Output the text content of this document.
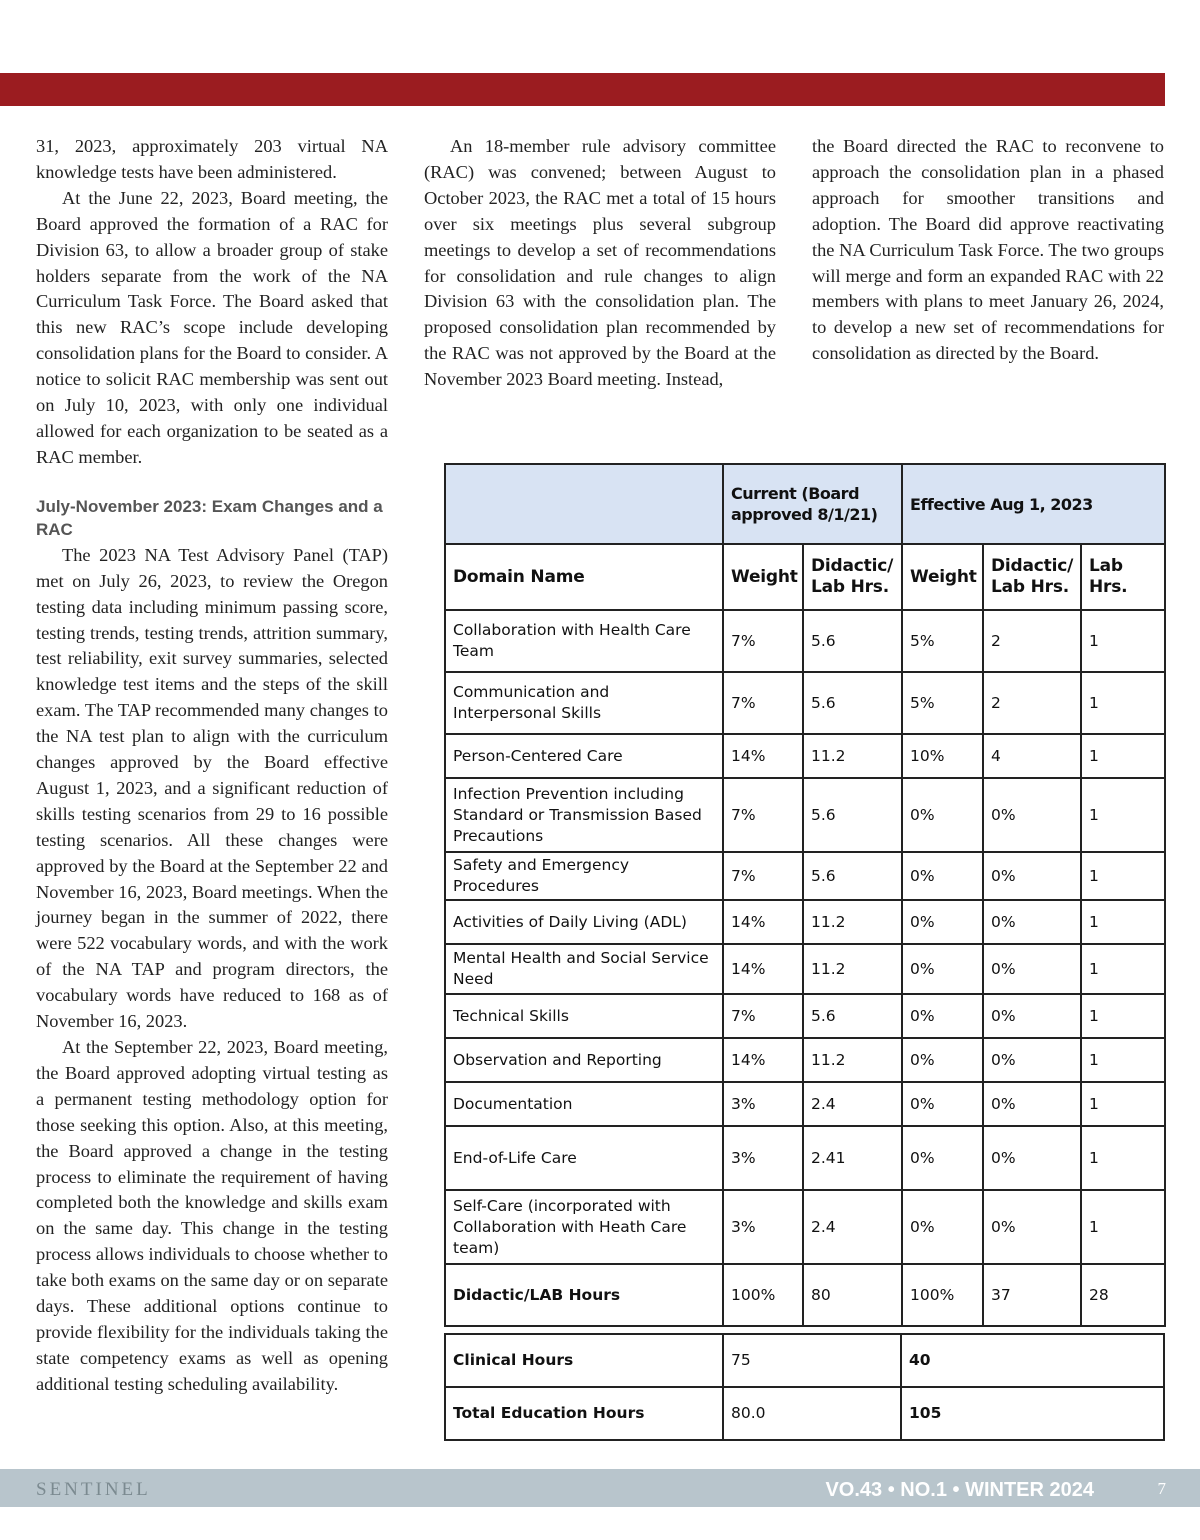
31, 2023, approximately 203 virtual NA knowledge tests have been administered.

At the June 22, 2023, Board meeting, the Board approved the formation of a RAC for Division 63, to allow a broader group of stake holders separate from the work of the NA Curriculum Task Force. The Board asked that this new RAC’s scope include developing consolidation plans for the Board to consider. A notice to solicit RAC membership was sent out on July 10, 2023, with only one individual allowed for each organization to be seated as a RAC member.

July-November 2023: Exam Changes and a RAC

The 2023 NA Test Advisory Panel (TAP) met on July 26, 2023, to review the Oregon testing data including minimum passing score, testing trends, testing trends, attrition summary, test reliability, exit survey summaries, selected knowledge test items and the steps of the skill exam. The TAP recommended many changes to the NA test plan to align with the curriculum changes approved by the Board effective August 1, 2023, and a significant reduction of skills testing scenarios from 29 to 16 possible testing scenarios. All these changes were approved by the Board at the September 22 and November 16, 2023, Board meetings. When the journey began in the summer of 2022, there were 522 vocabulary words, and with the work of the NA TAP and program directors, the vocabulary words have reduced to 168 as of November 16, 2023.

At the September 22, 2023, Board meeting, the Board approved adopting virtual testing as a permanent testing methodology option for those seeking this option. Also, at this meeting, the Board approved a change in the testing process to eliminate the requirement of having completed both the knowledge and skills exam on the same day. This change in the testing process allows individuals to choose whether to take both exams on the same day or on separate days. These additional options continue to provide flexibility for the individuals taking the state competency exams as well as opening additional testing scheduling availability.

An 18-member rule advisory committee (RAC) was convened; between August to October 2023, the RAC met a total of 15 hours over six meetings plus several subgroup meetings to develop a set of recommendations for consolidation and rule changes to align Division 63 with the consolidation plan. The proposed consolidation plan recommended by the RAC was not approved by the Board at the November 2023 Board meeting. Instead,

the Board directed the RAC to reconvene to approach the consolidation plan in a phased approach for smoother transitions and adoption. The Board did approve reactivating the NA Curriculum Task Force. The two groups will merge and form an expanded RAC with 22 members with plans to meet January 26, 2024, to develop a new set of recommendations for consolidation as directed by the Board.

	Current (Board approved 8/1/21)		Effective Aug 1, 2023		
Domain Name	Weight	Didactic/ Lab Hrs.	Weight	Didactic/ Lab Hrs.	Lab Hrs.
Collaboration with Health Care Team	7%	5.6	5%	2	1
Communication and Interpersonal Skills	7%	5.6	5%	2	1
Person-Centered Care	14%	11.2	10%	4	1
Infection Prevention including Standard or Transmission Based Precautions	7%	5.6	0%	0%	1
Safety and Emergency Procedures	7%	5.6	0%	0%	1
Activities of Daily Living (ADL)	14%	11.2	0%	0%	1
Mental Health and Social Service Need	14%	11.2	0%	0%	1
Technical Skills	7%	5.6	0%	0%	1
Observation and Reporting	14%	11.2	0%	0%	1
Documentation	3%	2.4	0%	0%	1
End-of-Life Care	3%	2.41	0%	0%	1
Self-Care (incorporated with Collaboration with Heath Care team)	3%	2.4	0%	0%	1
Didactic/LAB Hours	100%	80	100%	37	28
Clinical Hours	75	40
Total Education Hours	80.0	105
SENTINEL	VO.43 • NO.1 • WINTER 2024	7
